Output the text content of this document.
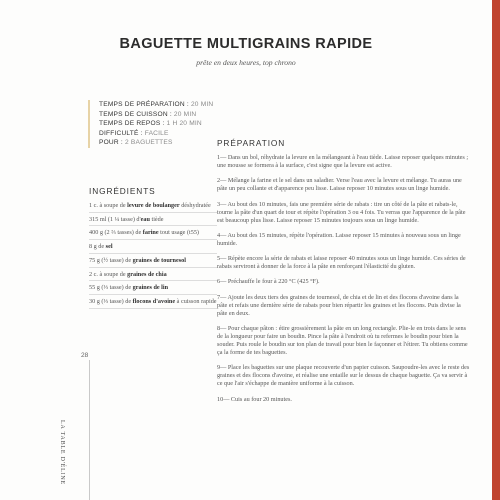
BAGUETTE MULTIGRAINS RAPIDE
prête en deux heures, top chrono
TEMPS DE PRÉPARATION : 20 MIN
TEMPS DE CUISSON : 20 MIN
TEMPS DE REPOS : 1 H 20 MIN
DIFFICULTÉ : FACILE
POUR : 2 BAGUETTES
INGRÉDIENTS
1 c. à soupe de levure de boulanger déshydratée
315 ml (1 ¼ tasse) d'eau tiède
400 g (2 ⅔ tasses) de farine tout usage (t55)
8 g de sel
75 g (½ tasse) de graines de tournesol
2 c. à soupe de graines de chia
55 g (⅓ tasse) de graines de lin
30 g (⅓ tasse) de flocons d'avoine à cuisson rapide
PRÉPARATION

1— Dans un bol, réhydrate la levure en la mélangeant à l'eau tiède. Laisse reposer quelques minutes ; une mousse se formera à la surface, c'est signe que la levure est active.

2— Mélange la farine et le sel dans un saladier. Verse l'eau avec la levure et mélange. Tu auras une pâte un peu collante et d'apparence peu lisse. Laisse reposer 10 minutes sous un linge humide.

3— Au bout des 10 minutes, fais une première série de rabats : tire un côté de la pâte et rabats-le, tourne la pâte d'un quart de tour et répète l'opération 3 ou 4 fois. Tu verras que l'apparence de la pâte est beaucoup plus lisse. Laisse reposer 15 minutes toujours sous un linge humide.

4— Au bout des 15 minutes, répète l'opération. Laisse reposer 15 minutes à nouveau sous un linge humide.

5— Répète encore la série de rabats et laisse reposer 40 minutes sous un linge humide. Ces séries de rabats serviront à donner de la force à la pâte en renforçant l'élasticité du gluten.

6— Préchauffe le four à 220 °C (425 °F).

7— Ajoute les deux tiers des graines de tournesol, de chia et de lin et des flocons d'avoine dans la pâte et refais une dernière série de rabats pour bien répartir les graines et les flocons. Puis divise la pâte en deux.

8— Pour chaque pâton : étire grossièrement la pâte en un long rectangle. Plie-le en trois dans le sens de la longueur pour faire un boudin. Pince la pâte à l'endroit où tu refermes le boudin pour bien la souder. Puis roule le boudin sur ton plan de travail pour bien le façonner et l'étirer. Tu obtiens comme ça la forme de tes baguettes.

9— Place les baguettes sur une plaque recouverte d'un papier cuisson. Saupoudre-les avec le reste des graines et des flocons d'avoine, et réalise une entaille sur le dessus de chaque baguette. Ça va servir à ce que l'air s'échappe de manière uniforme à la cuisson.

10— Cuis au four 20 minutes.

28
LA TABLE D'ÉLINE
